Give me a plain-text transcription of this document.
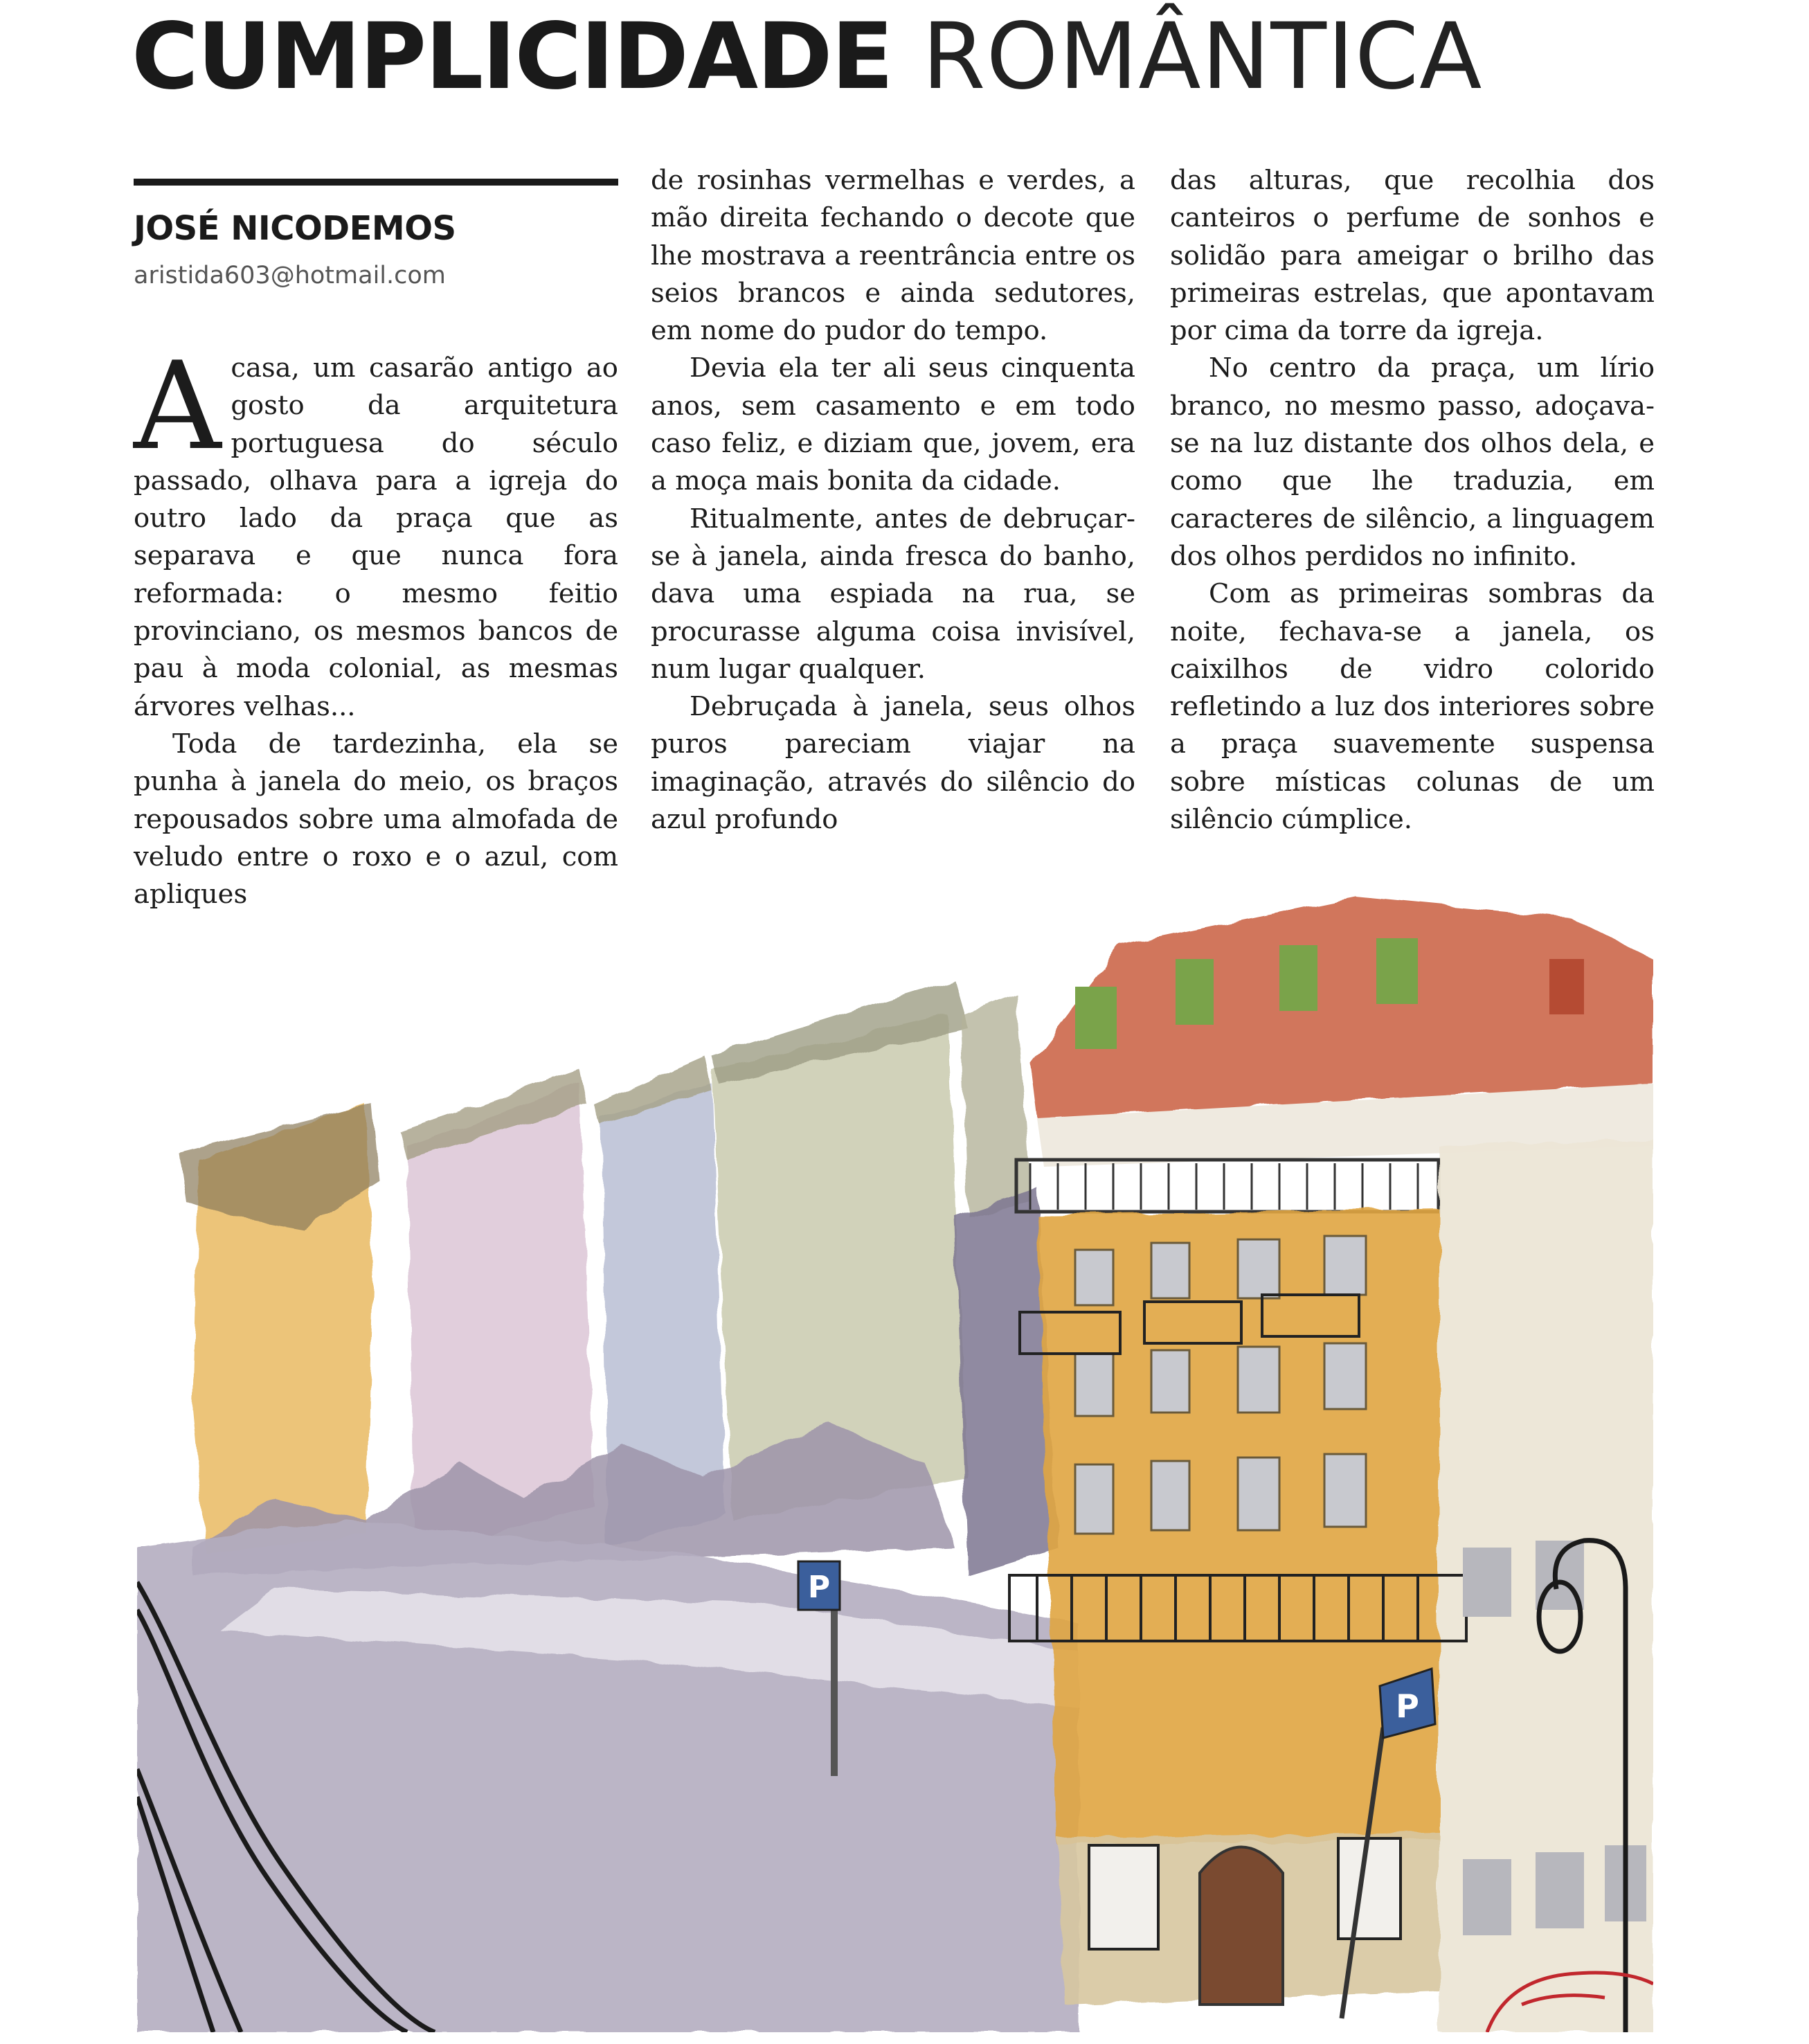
CUMPLICIDADE ROMÂNTICA
JOSÉ NICODEMOS
aristida603@hotmail.com

Acasa, um casarão antigo ao gosto da arquitetura portuguesa do século passado, olhava para a igreja do outro lado da praça que as separava e que nunca fora reformada: o mesmo feitio provinciano, os mesmos bancos de pau à moda colonial, as mesmas árvores velhas...

Toda de tardezinha, ela se punha à janela do meio, os braços repousados sobre uma almofada de veludo entre o roxo e o azul, com apliques

de rosinhas vermelhas e verdes, a mão direita fechando o decote que lhe mostrava a reentrância entre os seios brancos e ainda sedutores, em nome do pudor do tempo.

Devia ela ter ali seus cinquenta anos, sem casamento e em todo caso feliz, e diziam que, jovem, era a moça mais bonita da cidade.

Ritualmente, antes de debruçar-se à janela, ainda fresca do banho, dava uma espiada na rua, se procurasse alguma coisa invisível, num lugar qualquer.

Debruçada à janela, seus olhos puros pareciam viajar na imaginação, através do silêncio do azul profundo

das alturas, que recolhia dos canteiros o perfume de sonhos e solidão para ameigar o brilho das primeiras estrelas, que apontavam por cima da torre da igreja.

No centro da praça, um lírio branco, no mesmo passo, adoçava-se na luz distante dos olhos dela, e como que lhe traduzia, em caracteres de silêncio, a linguagem dos olhos perdidos no infinito.

Com as primeiras sombras da noite, fechava-se a janela, os caixilhos de vidro colorido refletindo a luz dos interiores sobre a praça suavemente suspensa sobre místicas colunas de um silêncio cúmplice.

P
P
